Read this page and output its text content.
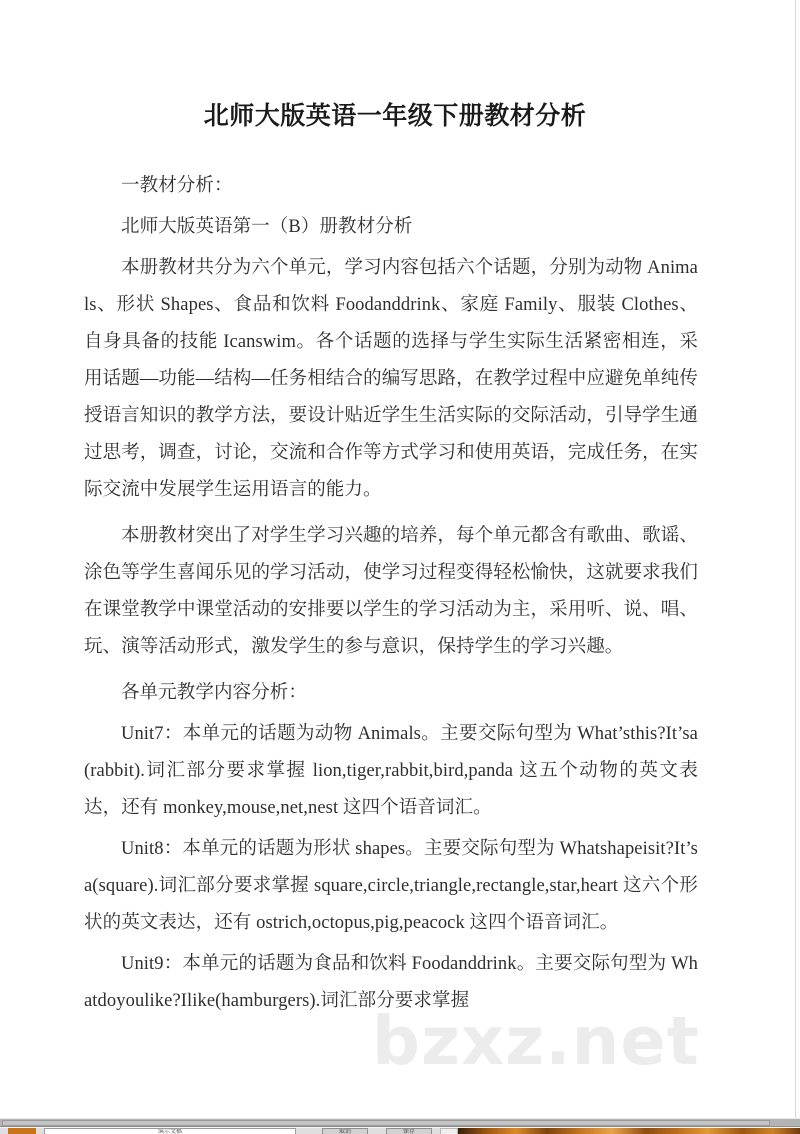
北师大版英语一年级下册教材分析

一教材分析：

北师大版英语第一（B）册教材分析

本册教材共分为六个单元，学习内容包括六个话题，分别为动物 Animals、形状 Shapes、食品和饮料 Foodanddrink、家庭 Family、服装 Clothes、自身具备的技能 Icanswim。各个话题的选择与学生实际生活紧密相连，采用话题—功能—结构—任务相结合的编写思路，在教学过程中应避免单纯传授语言知识的教学方法，要设计贴近学生生活实际的交际活动，引导学生通过思考，调查，讨论，交流和合作等方式学习和使用英语，完成任务，在实际交流中发展学生运用语言的能力。

本册教材突出了对学生学习兴趣的培养，每个单元都含有歌曲、歌谣、涂色等学生喜闻乐见的学习活动，使学习过程变得轻松愉快，这就要求我们在课堂教学中课堂活动的安排要以学生的学习活动为主，采用听、说、唱、玩、演等活动形式，激发学生的参与意识，保持学生的学习兴趣。

各单元教学内容分析：

Unit7：本单元的话题为动物 Animals。主要交际句型为 What’sthis?It’sa(rabbit).词汇部分要求掌握 lion,tiger,rabbit,bird,panda 这五个动物的英文表达，还有 monkey,mouse,net,nest 这四个语音词汇。

Unit8：本单元的话题为形状 shapes。主要交际句型为 Whatshapeisit?It’sa(square).词汇部分要求掌握 square,circle,triangle,rectangle,star,heart 这六个形状的英文表达，还有 ostrich,octopus,pig,peacock 这四个语音词汇。

Unit9：本单元的话题为食品和饮料 Foodanddrink。主要交际句型为 Whatdoyoulike?Ilike(hamburgers).词汇部分要求掌握

bzxz.net
演示文稿	取消	保存
